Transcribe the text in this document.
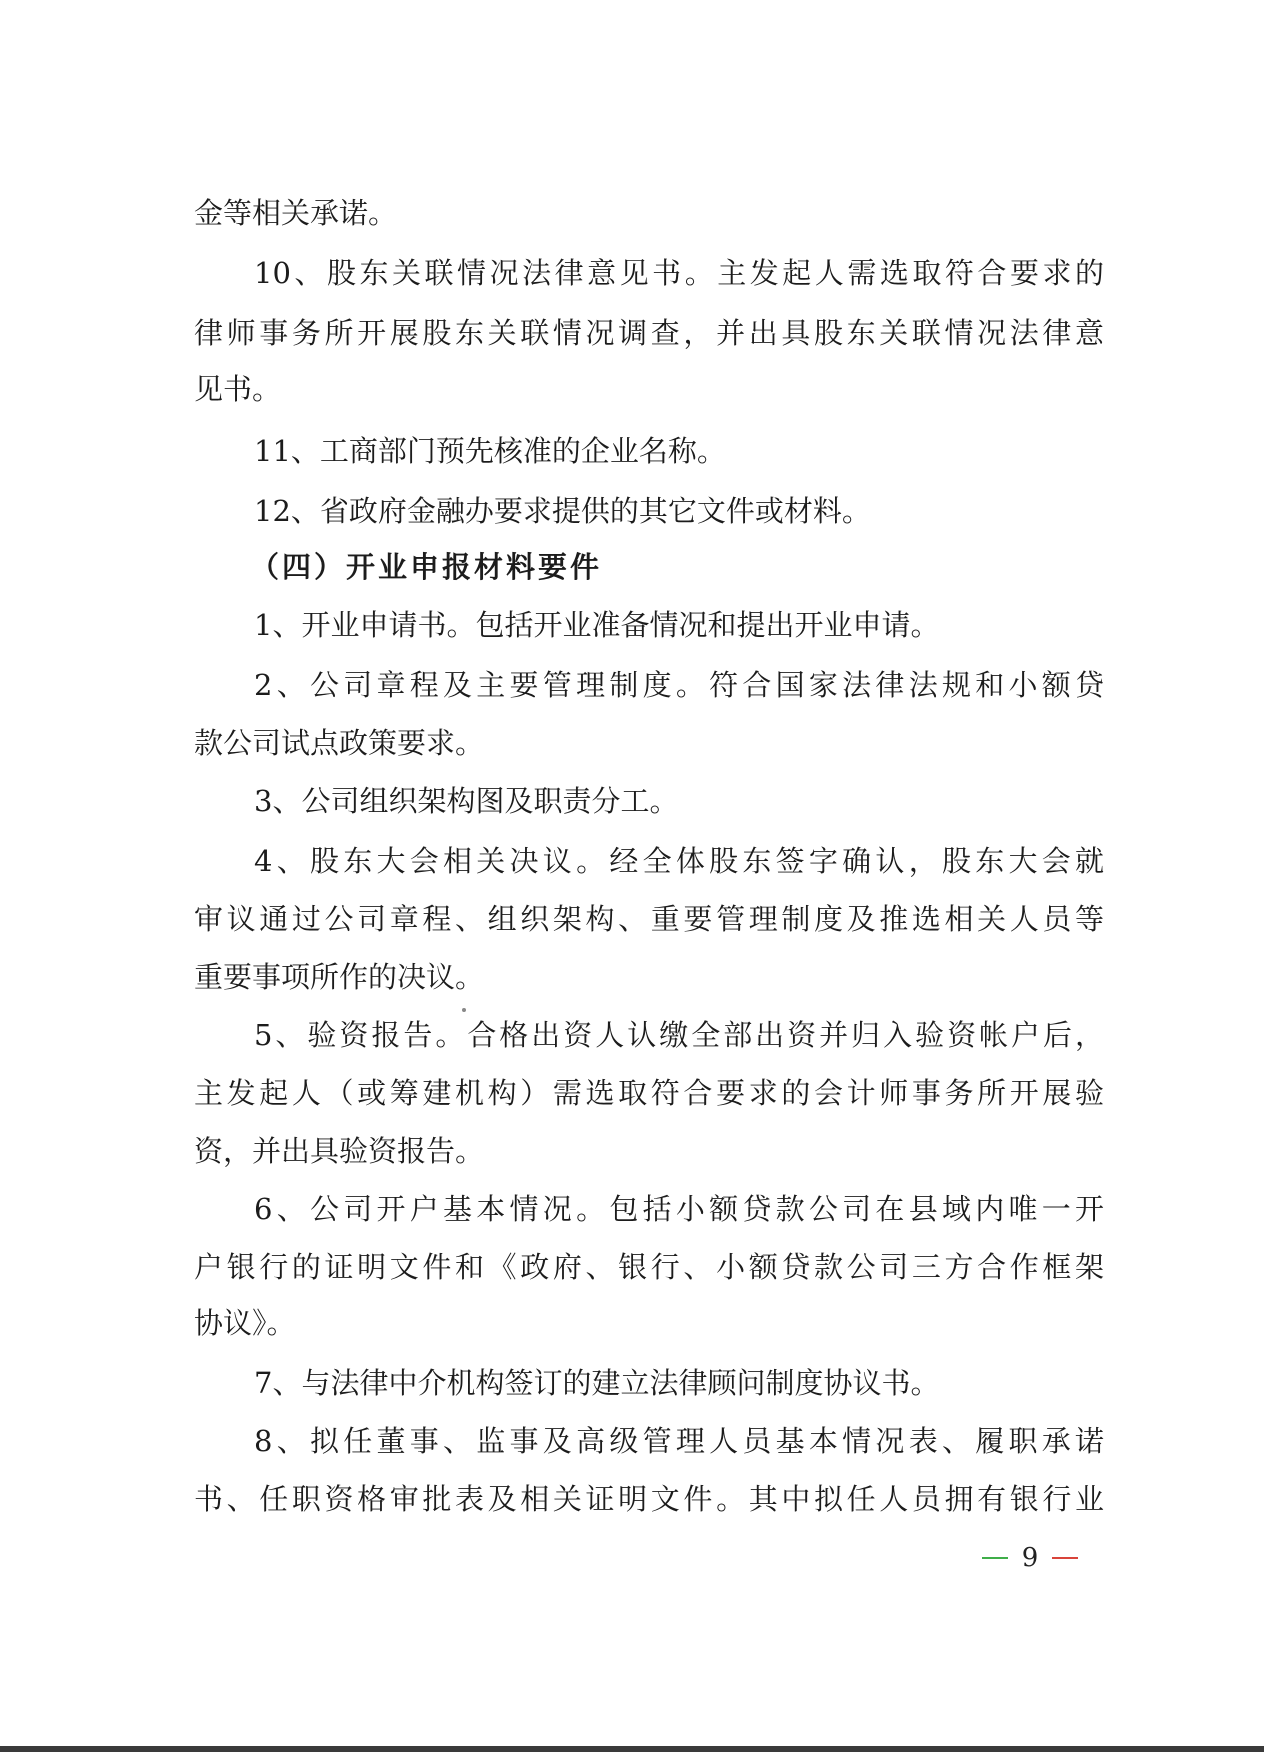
金等相关承诺。
10、股东关联情况法律意见书。主发起人需选取符合要求的
律师事务所开展股东关联情况调查，并出具股东关联情况法律意
见书。
11、工商部门预先核准的企业名称。
12、省政府金融办要求提供的其它文件或材料。
（四）开业申报材料要件
1、开业申请书。包括开业准备情况和提出开业申请。
2、公司章程及主要管理制度。符合国家法律法规和小额贷
款公司试点政策要求。
3、公司组织架构图及职责分工。
4、股东大会相关决议。经全体股东签字确认，股东大会就
审议通过公司章程、组织架构、重要管理制度及推选相关人员等
重要事项所作的决议。
5、验资报告。合格出资人认缴全部出资并归入验资帐户后，
主发起人（或筹建机构）需选取符合要求的会计师事务所开展验
资，并出具验资报告。
6、公司开户基本情况。包括小额贷款公司在县域内唯一开
户银行的证明文件和《政府、银行、小额贷款公司三方合作框架
协议》。
7、与法律中介机构签订的建立法律顾问制度协议书。
8、拟任董事、监事及高级管理人员基本情况表、履职承诺
书、任职资格审批表及相关证明文件。其中拟任人员拥有银行业
9
